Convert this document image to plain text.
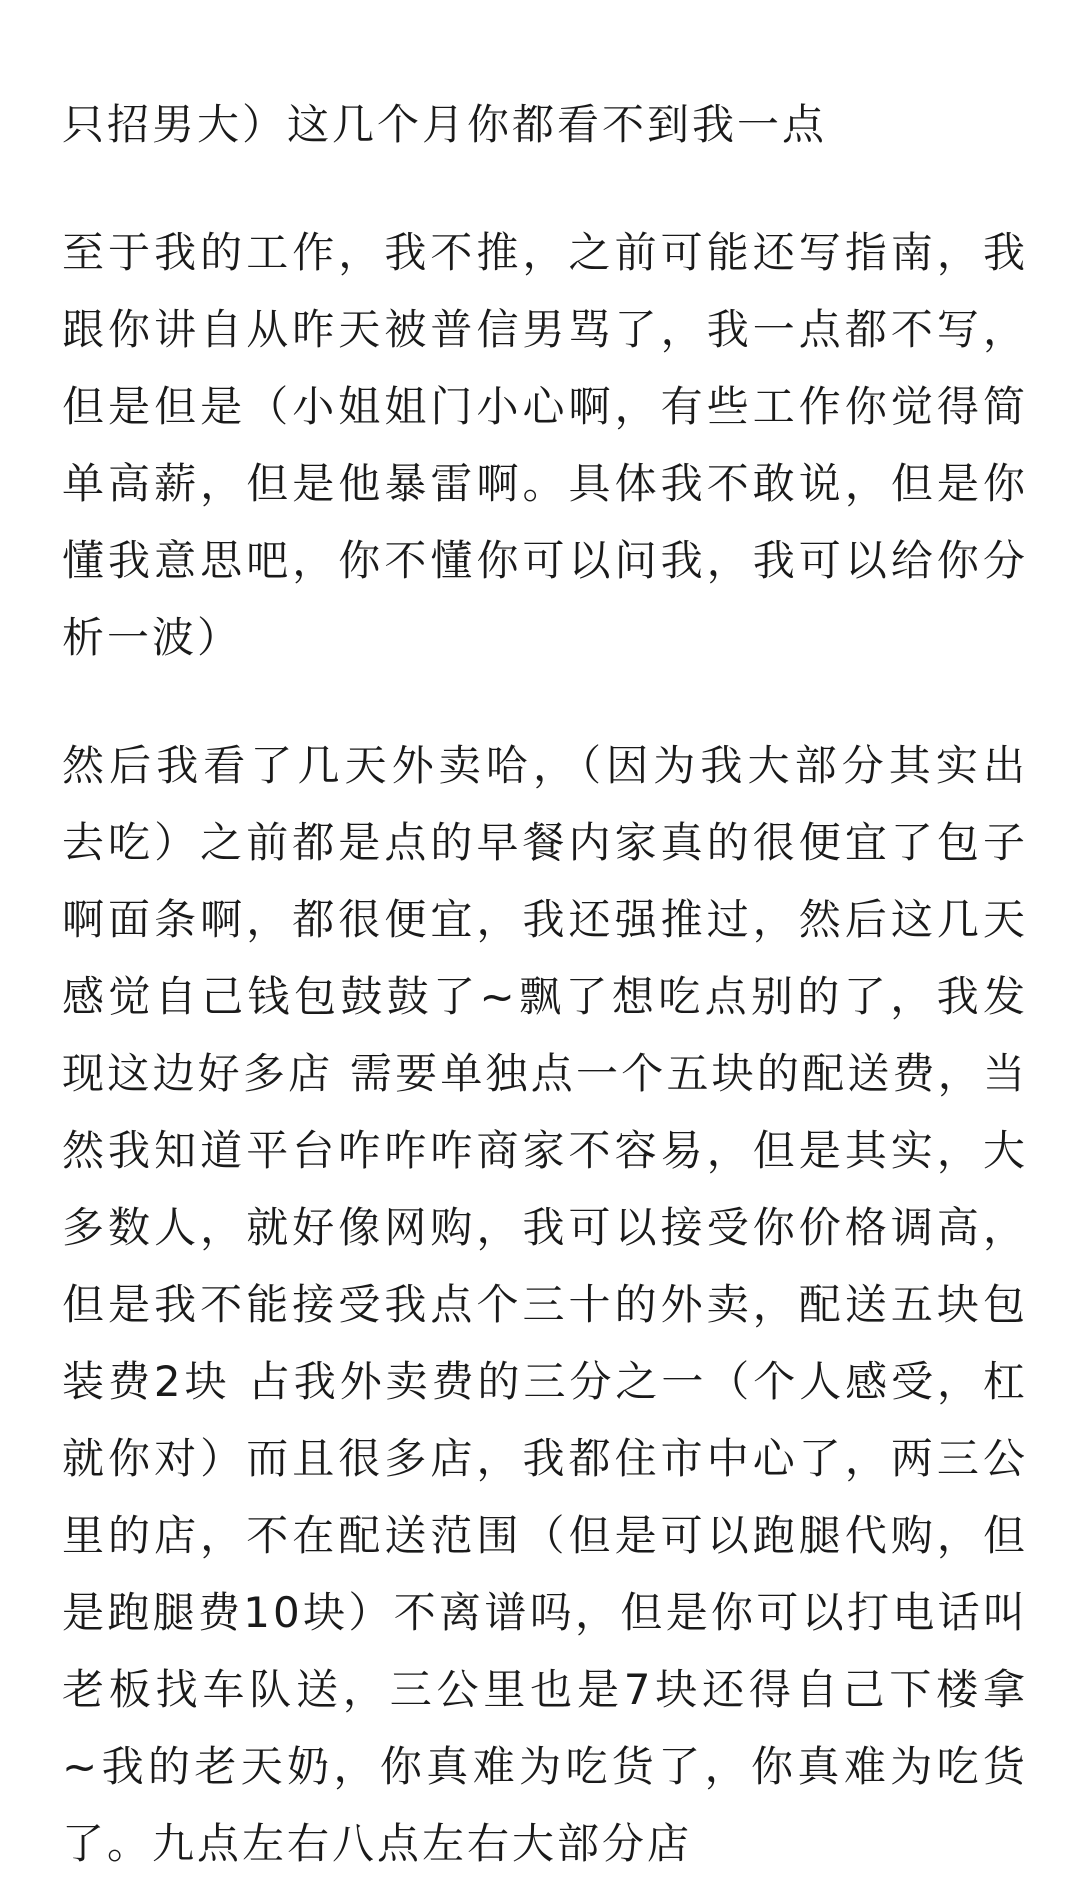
只招男大）这几个月你都看不到我一点

至于我的工作，我不推，之前可能还写指南，我跟你讲自从昨天被普信男骂了，我一点都不写，但是但是（小姐姐门小心啊，有些工作你觉得简单高薪，但是他暴雷啊。具体我不敢说，但是你懂我意思吧，你不懂你可以问我，我可以给你分析一波）

然后我看了几天外卖哈，（因为我大部分其实出去吃）之前都是点的早餐内家真的很便宜了包子 啊面条啊，都很便宜，我还强推过，然后这几天感觉自己钱包鼓鼓了~飘了想吃点别的了，我发现这边好多店 需要单独点一个五块的配送费，当然我知道平台咋咋咋商家不容易，但是其实，大多数人，就好像网购，我可以接受你价格调高，但是我不能接受我点个三十的外卖，配送五块包装费2块 占我外卖费的三分之一（个人感受，杠就你对）而且很多店，我都住市中心了，两三公里的店，不在配送范围（但是可以跑腿代购，但是跑腿费10块）不离谱吗，但是你可以打电话叫老板找车队送，三公里也是7块还得自己下楼拿~我的老天奶，你真难为吃货了，你真难为吃货了。九点左右八点左右大部分店
